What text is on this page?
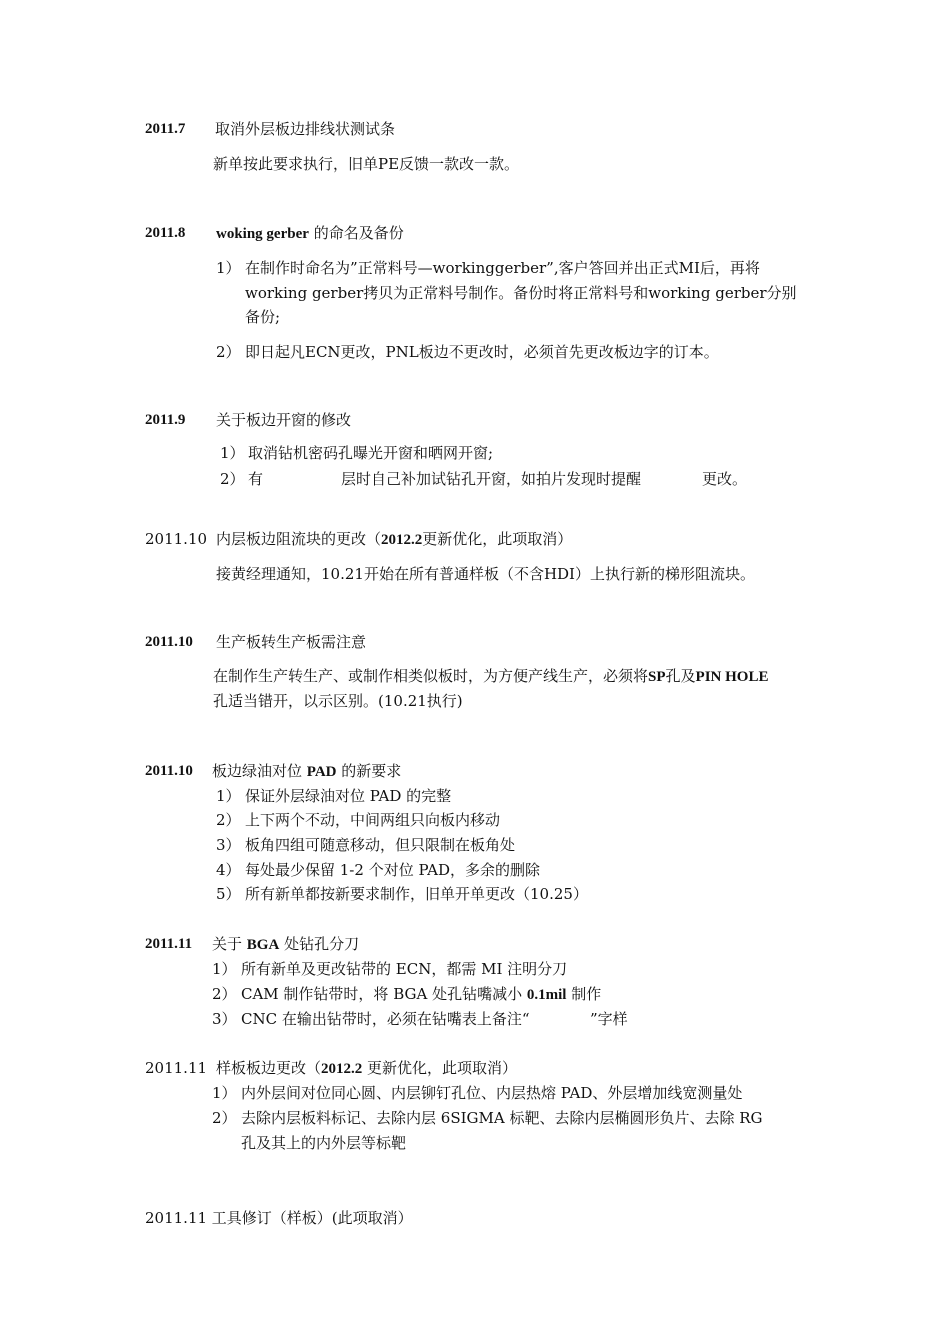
2011.7 取消外层板边排线状测试条
新单按此要求执行，旧单PE反馈一款改一款。
2011.8 woking gerber 的命名及备份
1） 在制作时命名为”正常料号—workinggerber”,客户答回并出正式MI后，再将
working gerber拷贝为正常料号制作。备份时将正常料号和working gerber分别
备份;
2） 即日起凡ECN更改，PNL板边不更改时，必须首先更改板边字的订本。
2011.9 关于板边开窗的修改
1） 取消钻机密码孔曝光开窗和晒网开窗;
2） 有	层时自己补加试钻孔开窗，如拍片发现时提醒	更改。
2011.10 内层板边阻流块的更改（2012.2更新优化，此项取消）
接黄经理通知，10.21开始在所有普通样板（不含HDI）上执行新的梯形阻流块。
2011.10 生产板转生产板需注意
在制作生产转生产、或制作相类似板时，为方便产线生产，必须将SP孔及PIN HOLE
孔适当错开，以示区别。(10.21执行)
2011.10 板边绿油对位 PAD 的新要求
1） 保证外层绿油对位 PAD 的完整
2） 上下两个不动，中间两组只向板内移动
3） 板角四组可随意移动，但只限制在板角处
4） 每处最少保留 1-2 个对位 PAD，多余的删除
5） 所有新单都按新要求制作，旧单开单更改（10.25）
2011.11 关于 BGA 处钻孔分刀
1） 所有新单及更改钻带的 ECN，都需 MI 注明分刀
2） CAM 制作钻带时，将 BGA 处孔钻嘴减小 0.1mil 制作
3） CNC 在输出钻带时，必须在钻嘴表上备注“	”字样
2011.11 样板板边更改（2012.2 更新优化，此项取消）
1） 内外层间对位同心圆、内层铆钉孔位、内层热熔 PAD、外层增加线宽测量处
2） 去除内层板料标记、去除内层 6SIGMA 标靶、去除内层椭圆形负片、去除 RG
孔及其上的内外层等标靶
2011.11 工具修订（样板）(此项取消）
